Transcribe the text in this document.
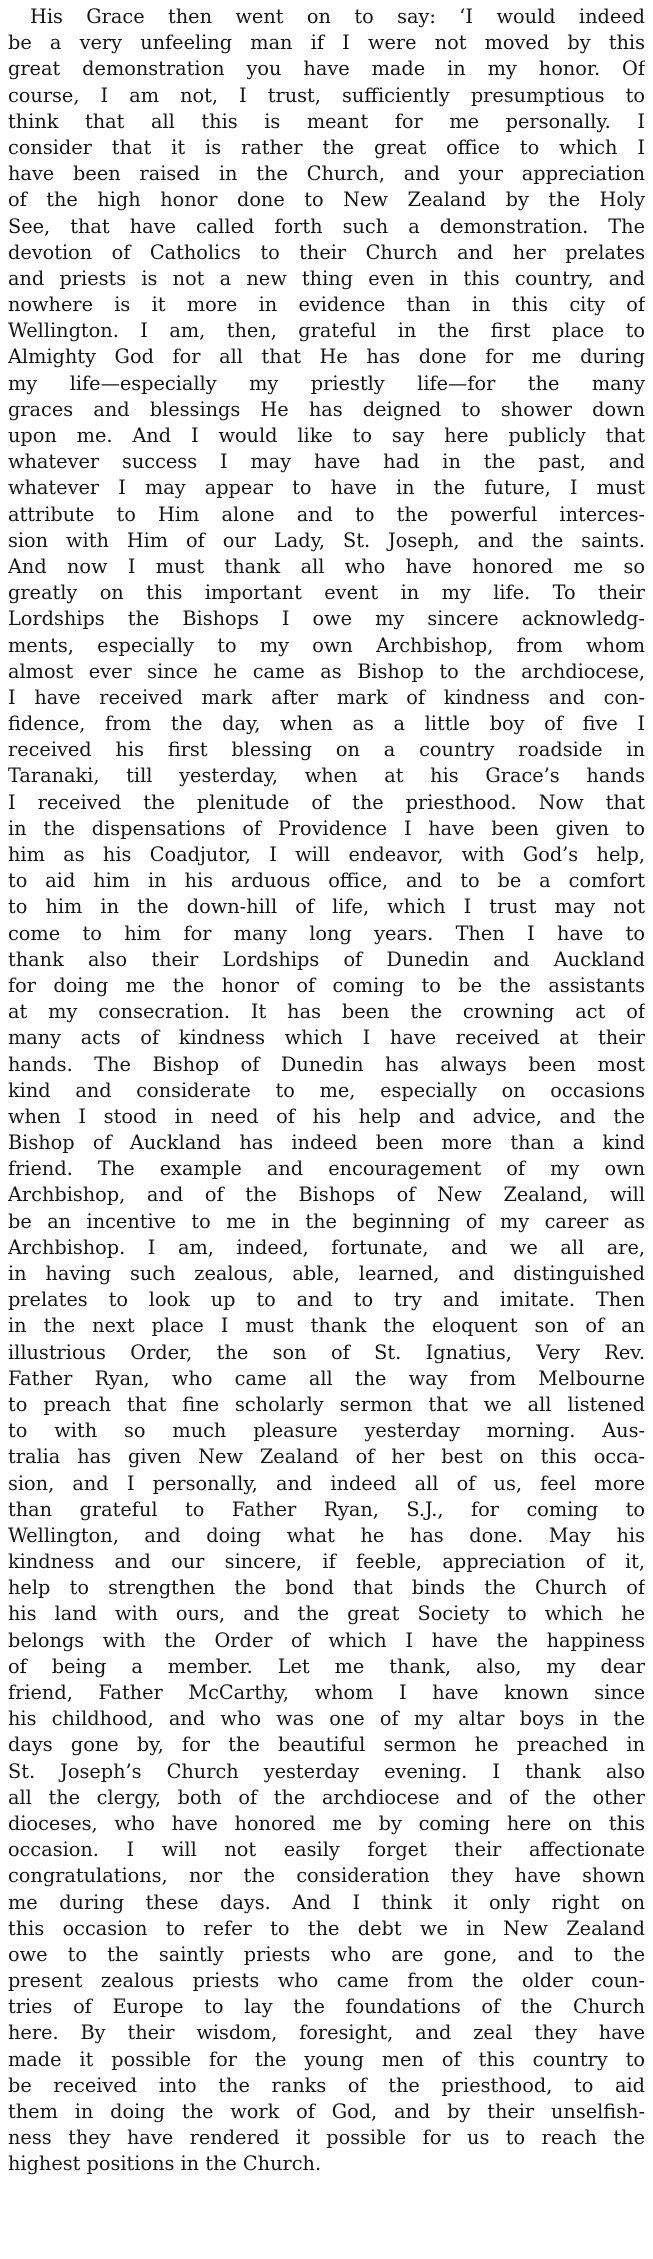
His Grace then went on to say: ‘I would indeed
be a very unfeeling man if I were not moved by this
great demonstration you have made in my honor. Of
course, I am not, I trust, sufficiently presumptious to
think that all this is meant for me personally. I
consider that it is rather the great office to which I
have been raised in the Church, and your appreciation
of the high honor done to New Zealand by the Holy
See, that have called forth such a demonstration. The
devotion of Catholics to their Church and her prelates
and priests is not a new thing even in this country, and
nowhere is it more in evidence than in this city of
Wellington. I am, then, grateful in the first place to
Almighty God for all that He has done for me during
my life—especially my priestly life—for the many
graces and blessings He has deigned to shower down
upon me. And I would like to say here publicly that
whatever success I may have had in the past, and
whatever I may appear to have in the future, I must
attribute to Him alone and to the powerful interces-
sion with Him of our Lady, St. Joseph, and the saints.
And now I must thank all who have honored me so
greatly on this important event in my life. To their
Lordships the Bishops I owe my sincere acknowledg-
ments, especially to my own Archbishop, from whom
almost ever since he came as Bishop to the archdiocese,
I have received mark after mark of kindness and con-
fidence, from the day, when as a little boy of five I
received his first blessing on a country roadside in
Taranaki, till yesterday, when at his Grace’s hands
I received the plenitude of the priesthood. Now that
in the dispensations of Providence I have been given to
him as his Coadjutor, I will endeavor, with God’s help,
to aid him in his arduous office, and to be a comfort
to him in the down-hill of life, which I trust may not
come to him for many long years. Then I have to
thank also their Lordships of Dunedin and Auckland
for doing me the honor of coming to be the assistants
at my consecration. It has been the crowning act of
many acts of kindness which I have received at their
hands. The Bishop of Dunedin has always been most
kind and considerate to me, especially on occasions
when I stood in need of his help and advice, and the
Bishop of Auckland has indeed been more than a kind
friend. The example and encouragement of my own
Archbishop, and of the Bishops of New Zealand, will
be an incentive to me in the beginning of my career as
Archbishop. I am, indeed, fortunate, and we all are,
in having such zealous, able, learned, and distinguished
prelates to look up to and to try and imitate. Then
in the next place I must thank the eloquent son of an
illustrious Order, the son of St. Ignatius, Very Rev.
Father Ryan, who came all the way from Melbourne
to preach that fine scholarly sermon that we all listened
to with so much pleasure yesterday morning. Aus-
tralia has given New Zealand of her best on this occa-
sion, and I personally, and indeed all of us, feel more
than grateful to Father Ryan, S.J., for coming to
Wellington, and doing what he has done. May his
kindness and our sincere, if feeble, appreciation of it,
help to strengthen the bond that binds the Church of
his land with ours, and the great Society to which he
belongs with the Order of which I have the happiness
of being a member. Let me thank, also, my dear
friend, Father McCarthy, whom I have known since
his childhood, and who was one of my altar boys in the
days gone by, for the beautiful sermon he preached in
St. Joseph’s Church yesterday evening. I thank also
all the clergy, both of the archdiocese and of the other
dioceses, who have honored me by coming here on this
occasion. I will not easily forget their affectionate
congratulations, nor the consideration they have shown
me during these days. And I think it only right on
this occasion to refer to the debt we in New Zealand
owe to the saintly priests who are gone, and to the
present zealous priests who came from the older coun-
tries of Europe to lay the foundations of the Church
here. By their wisdom, foresight, and zeal they have
made it possible for the young men of this country to
be received into the ranks of the priesthood, to aid
them in doing the work of God, and by their unselfish-
ness they have rendered it possible for us to reach the
highest positions in the Church.
